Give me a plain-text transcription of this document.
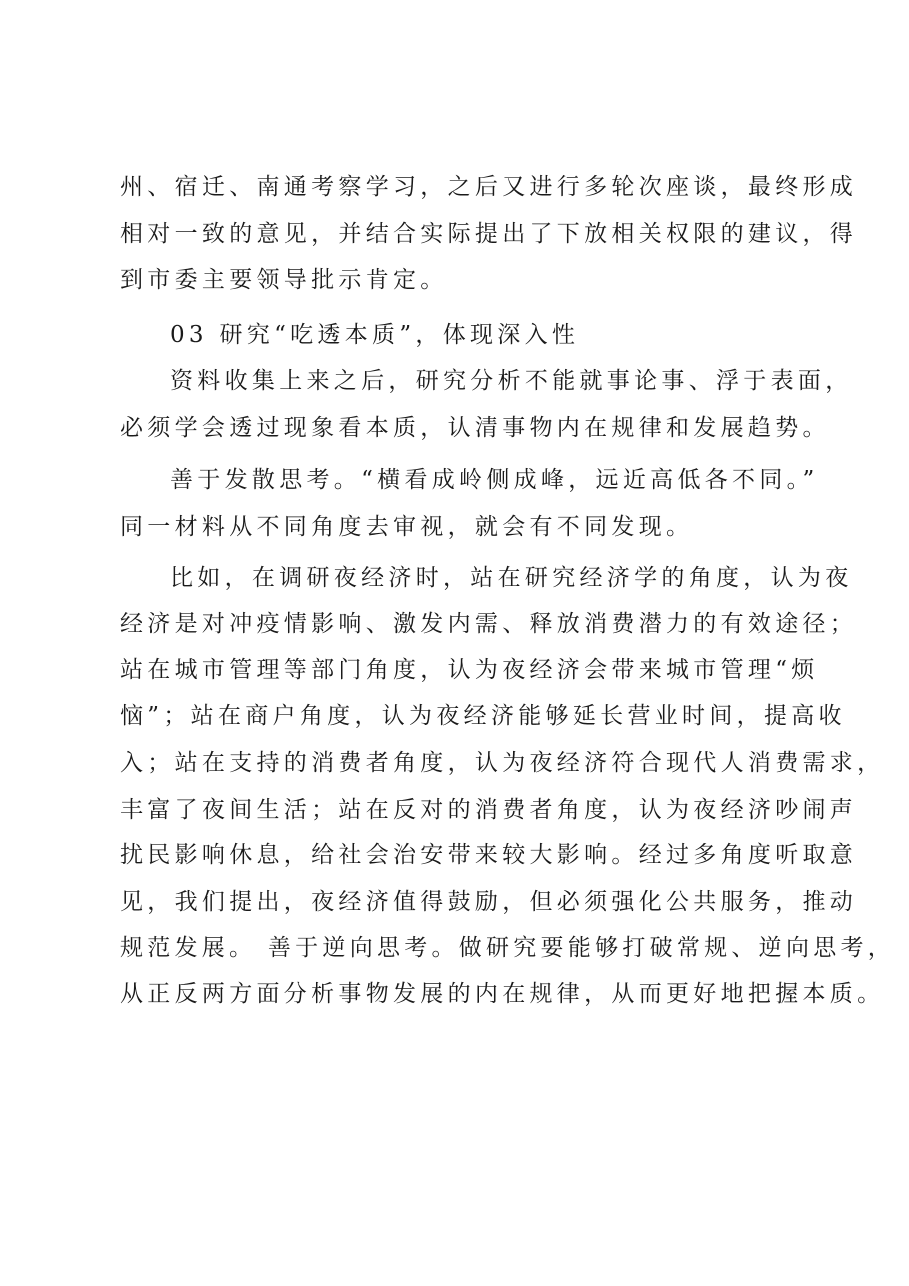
州、宿迁、南通考察学习，之后又进行多轮次座谈，最终形成
相对一致的意见，并结合实际提出了下放相关权限的建议，得
到市委主要领导批示肯定。
03 研究“吃透本质”，体现深入性
资料收集上来之后，研究分析不能就事论事、浮于表面，
必须学会透过现象看本质，认清事物内在规律和发展趋势。
善于发散思考。“横看成岭侧成峰，远近高低各不同。”
同一材料从不同角度去审视，就会有不同发现。
比如，在调研夜经济时，站在研究经济学的角度，认为夜
经济是对冲疫情影响、激发内需、释放消费潜力的有效途径；
站在城市管理等部门角度，认为夜经济会带来城市管理“烦
恼”；站在商户角度，认为夜经济能够延长营业时间，提高收
入；站在支持的消费者角度，认为夜经济符合现代人消费需求，
丰富了夜间生活；站在反对的消费者角度，认为夜经济吵闹声
扰民影响休息，给社会治安带来较大影响。经过多角度听取意
见，我们提出，夜经济值得鼓励，但必须强化公共服务，推动
规范发展。 善于逆向思考。做研究要能够打破常规、逆向思考，
从正反两方面分析事物发展的内在规律，从而更好地把握本质。
